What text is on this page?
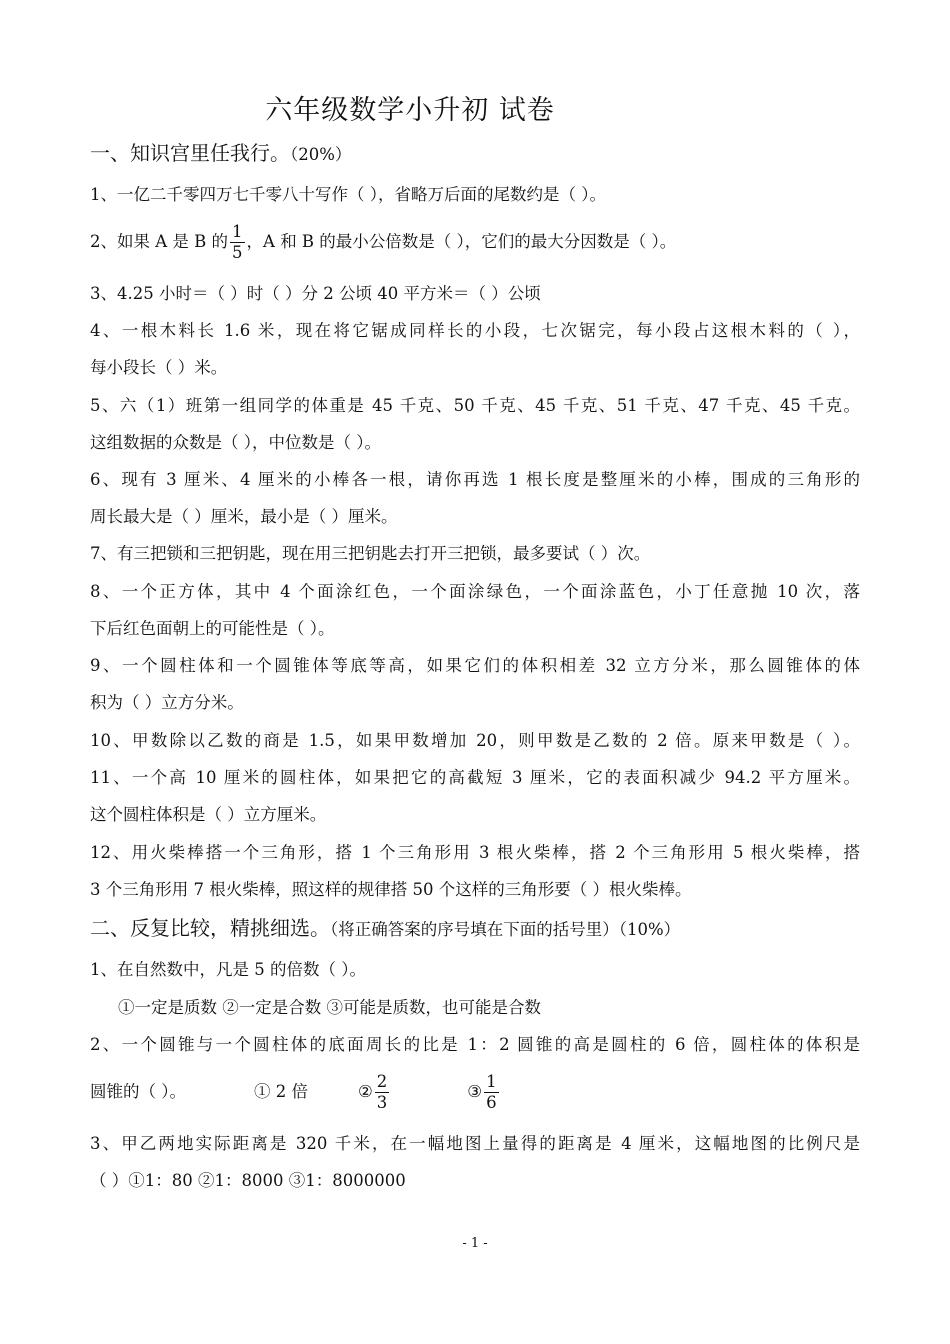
六年级数学小升初 试卷
一、知识宫里任我行。（20%）
1、一亿二千零四万七千零八十写作（ ），省略万后面的尾数约是（ ）。
2、如果 A 是 B 的 $\frac{1}{5}$ ，A 和 B 的最小公倍数是（ ），它们的最大分因数是（ ）。
3、4.25 小时＝（ ）时（ ）分 2 公顷 40 平方米＝（ ）公顷
4、一根木料长 1.6 米，现在将它锯成同样长的小段，七次锯完，每小段占这根木料的（ ），
每小段长（ ）米。
5、六（1）班第一组同学的体重是 45 千克、50 千克、45 千克、51 千克、47 千克、45 千克。
这组数据的众数是（ ），中位数是（ ）。
6、现有 3 厘米、4 厘米的小棒各一根，请你再选 1 根长度是整厘米的小棒，围成的三角形的
周长最大是（ ）厘米，最小是（ ）厘米。
7、有三把锁和三把钥匙，现在用三把钥匙去打开三把锁，最多要试（ ）次。
8、一个正方体，其中 4 个面涂红色，一个面涂绿色，一个面涂蓝色，小丁任意抛 10 次，落
下后红色面朝上的可能性是（ ）。
9、一个圆柱体和一个圆锥体等底等高，如果它们的体积相差 32 立方分米，那么圆锥体的体
积为（ ）立方分米。
10、甲数除以乙数的商是 1.5，如果甲数增加 20，则甲数是乙数的 2 倍。原来甲数是（ ）。
11、一个高 10 厘米的圆柱体，如果把它的高截短 3 厘米，它的表面积减少 94.2 平方厘米。
这个圆柱体积是（ ）立方厘米。
12、用火柴棒搭一个三角形，搭 1 个三角形用 3 根火柴棒，搭 2 个三角形用 5 根火柴棒，搭
3 个三角形用 7 根火柴棒，照这样的规律搭 50 个这样的三角形要（ ）根火柴棒。
二、反复比较，精挑细选。（将正确答案的序号填在下面的括号里）（10%）
1、在自然数中，凡是 5 的倍数（ ）。
①一定是质数 ②一定是合数 ③可能是质数，也可能是合数
2、一个圆锥与一个圆柱体的底面周长的比是 1：2 圆锥的高是圆柱的 6 倍，圆柱体的体积是
圆锥的（ ）。	① 2 倍	② $\frac{2}{3}$	③ $\frac{1}{6}$
3、甲乙两地实际距离是 320 千米，在一幅地图上量得的距离是 4 厘米，这幅地图的比例尺是
（ ）①1：80 ②1：8000 ③1：8000000
- 1 -
